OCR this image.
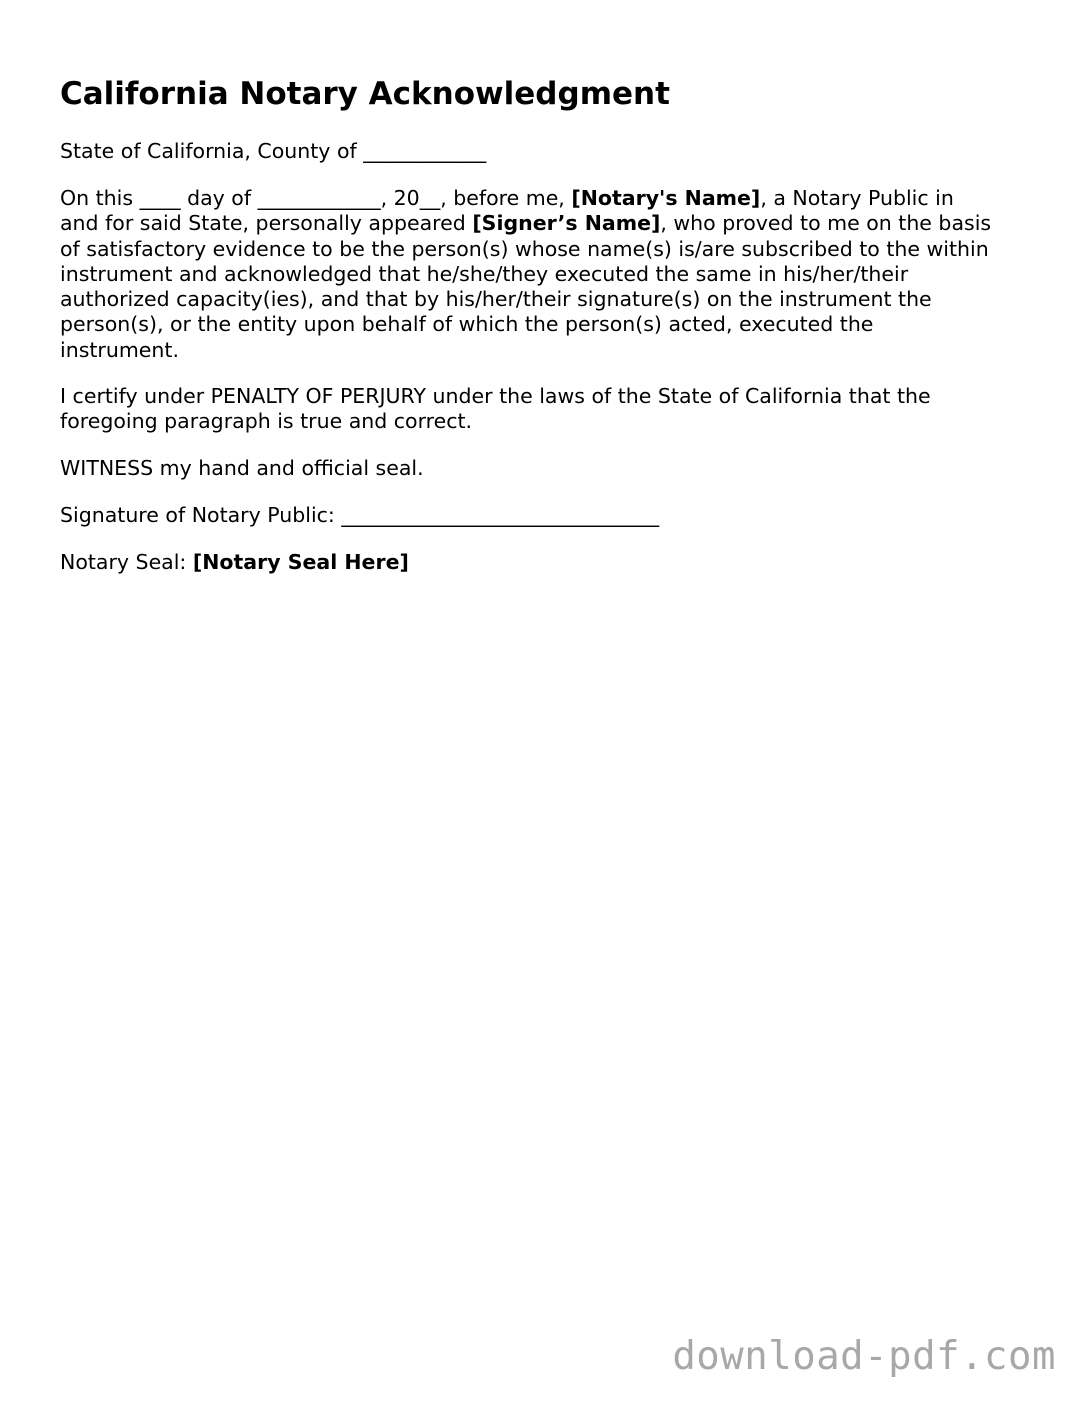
California Notary Acknowledgment

State of California, County of ____________

On this ____ day of ____________, 20__, before me, [Notary's Name], a Notary Public in

and for said State, personally appeared [Signer’s Name], who proved to me on the basis

of satisfactory evidence to be the person(s) whose name(s) is/are subscribed to the within

instrument and acknowledged that he/she/they executed the same in his/her/their

authorized capacity(ies), and that by his/her/their signature(s) on the instrument the

person(s), or the entity upon behalf of which the person(s) acted, executed the

instrument.

I certify under PENALTY OF PERJURY under the laws of the State of California that the

foregoing paragraph is true and correct.

WITNESS my hand and official seal.

Signature of Notary Public: _______________________________

Notary Seal: [Notary Seal Here]

download-pdf.com
